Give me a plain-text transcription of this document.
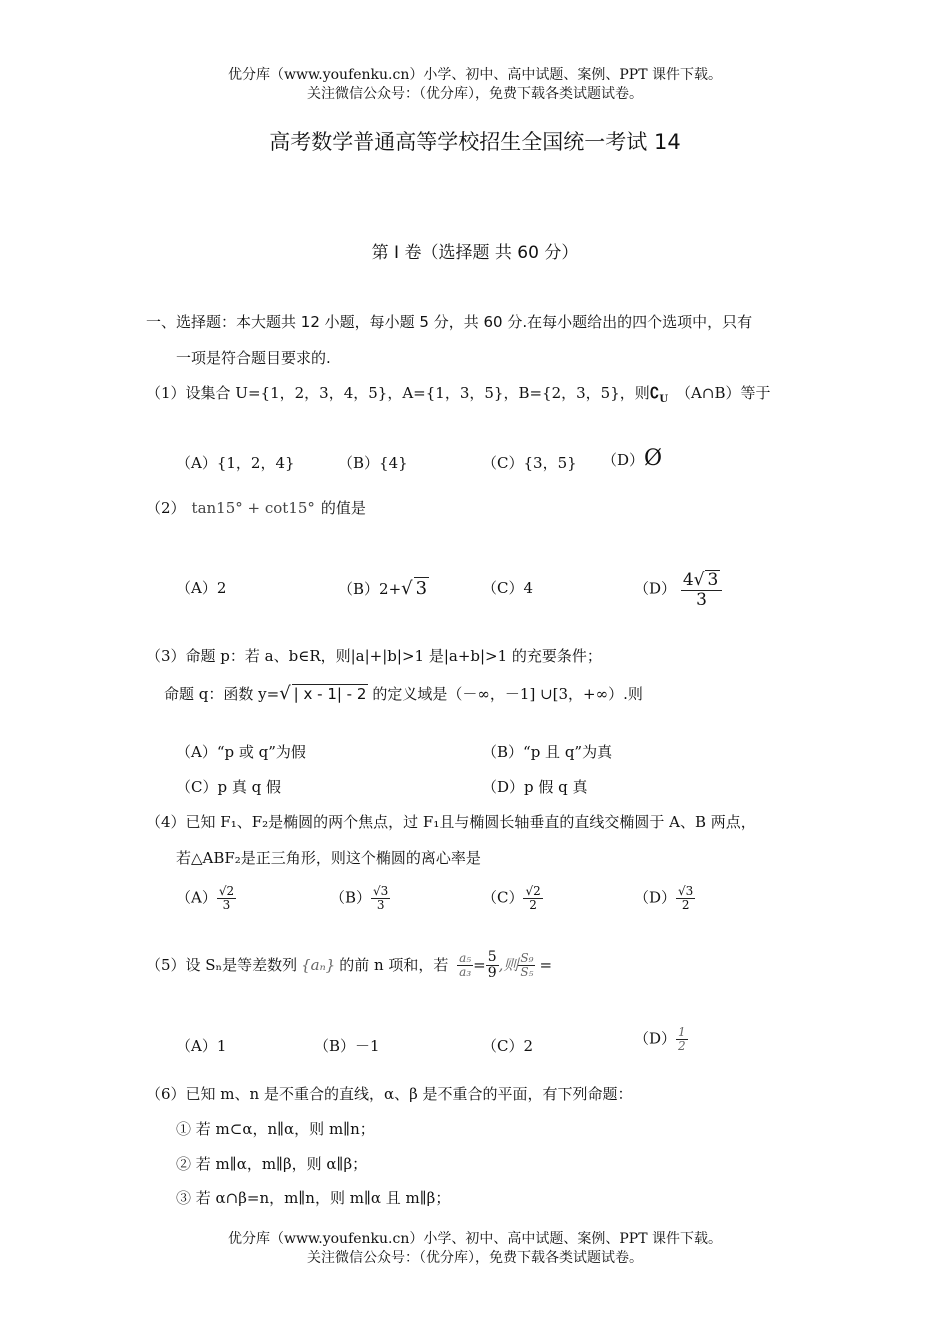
优分库（www.youfenku.cn）小学、初中、高中试题、案例、PPT 课件下载。
关注微信公众号：（优分库），免费下载各类试题试卷。
高考数学普通高等学校招生全国统一考试 14
第 Ⅰ 卷（选择题 共 60 分）
一、选择题：本大题共 12 小题，每小题 5 分，共 60 分.在每小题给出的四个选项中，只有
一项是符合题目要求的.
（1）设集合 U={1，2，3，4，5}，A={1，3，5}，B={2，3，5}，则$∁_U$ （A∩B）等于
（A）{1，2，4}	（B）{4}	（C）{3，5} （D）Ø
（2） tan15° + cot15° 的值是
（A）2	（B）2+√ 3	（C）4	$(D) \frac{4√ 3}{3}$
（3）命题 p：若 a、b∈R，则|a|+|b|>1 是|a+b|>1 的充要条件；
命题 q：函数 y=√ | x - 1| - 2 的定义域是（－∞，－1] ∪[3，+∞）.则
（A）“p 或 q”为假	（B）“p 且 q”为真
（C）p 真 q 假	（D）p 假 q 真
（4）已知 F₁、F₂是椭圆的两个焦点，过 F₁且与椭圆长轴垂直的直线交椭圆于 A、B 两点，
若△ABF₂是正三角形，则这个椭圆的离心率是
$(A) \frac{√2}{3}$	$(B) \frac{√3}{3}$	$(C) \frac{√2}{2}$	$(D) \frac{√3}{2}$
（5）设 Sₙ是等差数列 {aₙ} 的前 n 项和，若 $\frac{\text{a₅}}{\text{a₃}} = \frac{5}{9}$ ,则 $\frac{\text{S₉}}{\text{S₅}}$ =
（A）1	（B）－1	（C）2	$(D) \frac{1}{2}$
（6）已知 m、n 是不重合的直线，α、β 是不重合的平面，有下列命题：
① 若 m⊂α，n∥α，则 m∥n；
② 若 m∥α，m∥β，则 α∥β；
③ 若 α∩β=n，m∥n，则 m∥α 且 m∥β；
优分库（www.youfenku.cn）小学、初中、高中试题、案例、PPT 课件下载。
关注微信公众号：（优分库），免费下载各类试题试卷。
